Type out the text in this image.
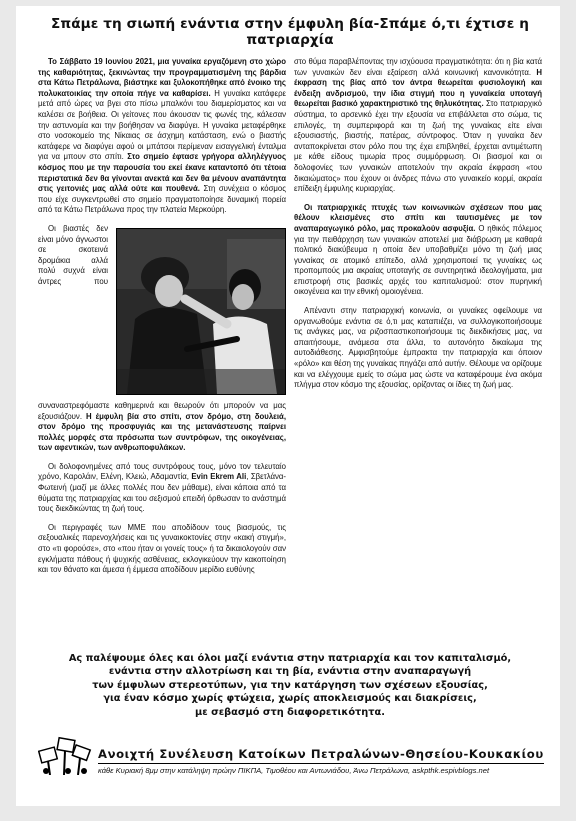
Σπάμε τη σιωπή ενάντια στην έμφυλη βία-Σπάμε ό,τι έχτισε η πατριαρχία

Το Σάββατο 19 Ιουνίου 2021, μια γυναίκα εργαζόμενη στο χώρο της καθαριότητας, ξεκινώντας την προγραμματισμένη της βάρδια στα Κάτω Πετράλωνα, βιάστηκε και ξυλοκοπήθηκε από ένοικο της πολυκατοικίας την οποία πήγε να καθαρίσει. Η γυναίκα κατάφερε μετά από ώρες να βγει στο πίσω μπαλκόνι του διαμερίσματος και να καλέσει σε βοήθεια. Οι γείτονες που άκουσαν τις φωνές της, κάλεσαν την αστυνομία και την βοήθησαν να διαφύγει. Η γυναίκα μεταφέρθηκε στο νοσοκομείο της Νίκαιας σε άσχημη κατάσταση, ενώ ο βιαστής κατάφερε να διαφύγει αφού οι μπάτσοι περίμεναν εισαγγελική ένταλμα για να μπουν στο σπίτι. Στο σημείο έφτασε γρήγορα αλληλέγγυος κόσμος που με την παρουσία του εκεί έκανε καταντοπό ότι τέτοια περιστατικά δεν θα γίνονται ανεκτά και δεν θα μένουν αναπάντητα στις γειτονιές μας αλλά ούτε και πουθενά. Στη συνέχεια ο κόσμος που είχε συγκεντρωθεί στο σημείο πραγματοποίησε δυναμική πορεία από τα Κάτω Πετράλωνα προς την πλατεία Μερκούρη.

Οι βιαστές δεν είναι μόνο άγνωστοι σε σκοτεινά δρομάκια αλλά πολύ συχνά είναι άντρες που συναναστρεφόμαστε καθημερινά και θεωρούν ότι μπορούν να μας εξουσιάζουν. Η έμφυλη βία στο σπίτι, στον δρόμο, στη δουλειά, στον δρόμο της προσφυγιάς και της μετανάστευσης παίρνει πολλές μορφές στα πρόσωπα των συντρόφων, της οικογένειας, των αφεντικών, των ανθρωποφυλάκων.

Οι δολοφονημένες από τους συντρόφους τους, μόνο τον τελευταίο χρόνο, Καρολάιν, Ελένη, Κλειώ, Αδαμαντία, Evin Ekrem Ali, Σβετλάνα-Φωτεινή (μαζί με άλλες πολλές που δεν μάθαμε), είναι κάποια από τα θύματα της πατριαρχίας και του σεξισμού επειδή όρθωσαν το ανάστημά τους διεκδικώντας τη ζωή τους.

Οι περιγραφές των ΜΜΕ που αποδίδουν τους βιασμούς, τις σεξουαλικές παρενοχλήσεις και τις γυναικοκτονίες στην «κακή στιγμή», στο «τι φορούσε», στο «που ήταν οι γονείς τους» ή τα δικαιολογούν σαν εγκλήματα πάθους ή ψυχικής ασθένειας, εκλογικεύουν την κακοποίηση και τον θάνατο και άμεσα ή έμμεσα αποδίδουν μερίδιο ευθύνης

στο θύμα παραβλέποντας την ισχύουσα πραγματικότητα: ότι η βία κατά των γυναικών δεν είναι εξαίρεση αλλά κοινωνική κανονικότητα. Η έκφραση της βίας από τον άντρα θεωρείται φυσιολογική και ένδειξη ανδρισμού, την ίδια στιγμή που η γυναίκεία υποταγή θεωρείται βασικό χαρακτηριστικό της θηλυκότητας. Στο πατριαρχικό σύστημα, το αρσενικό έχει την εξουσία να επιβάλλεται στο σώμα, τις επιλογές, τη συμπεριφορά και τη ζωή της γυναίκας είτε είναι εξουσιαστής, βιαστής, πατέρας, σύντροφος. Όταν η γυναίκα δεν ανταποκρίνεται στον ρόλο που της έχει επιβληθεί, έρχεται αντιμέτωπη με κάθε είδους τιμωρία προς συμμόρφωση. Οι βιασμοί και οι δολοφονίες των γυναικών αποτελούν την ακραία έκφραση «του δικαιώματος» που έχουν οι άνδρες πάνω στο γυναικείο κορμί, ακραία επίδειξη έμφυλης κυριαρχίας.

Οι πατριαρχικές πτυχές των κοινωνικών σχέσεων που μας θέλουν κλεισμένες στο σπίτι και ταυτισμένες με τον αναπαραγωγικό ρόλο, μας προκαλούν ασφυξία. Ο ηθικός πόλεμος για την πειθάρχηση των γυναικών αποτελεί μια διάβρωση με καθαρά πολιτικό διακύβευμα η οποία δεν υποβαθμίζει μόνο τη ζωή μιας γυναίκας σε ατομικό επίπεδο, αλλά χρησιμοποιεί τις γυναίκες ως προπομπούς μια ακραίας υποταγής σε συντηρητικά ιδεολογήματα, μια επιστροφή στις βασικές αρχές του καπιταλισμού: στον πυρηνική οικογένεια και την εθνική ομοιογένεια.

Απέναντι στην πατριαρχική κοινωνία, οι γυναίκες οφείλουμε να οργανωθούμε ενάντια σε ό,τι μας καταπιέζει, να συλλογικοποιήσουμε τις ανάγκες μας, να ριζοσπαστικοποιήσουμε τις διεκδικήσεις μας, να απαιτήσουμε, ανάμεσα στα άλλα, το αυτονόητο δικαίωμα της αυτοδιάθεσης. Αμφισβητούμε έμπρακτα την πατριαρχία και όποιον «ρόλο» και θέση της γυναίκας πηγάζει από αυτήν. Θέλουμε να ορίζουμε και να ελέγχουμε εμείς το σώμα μας ώστε να καταφέρουμε ένα ακόμα πλήγμα στον κόσμο της εξουσίας, ορίζοντας οι ίδιες τη ζωή μας.

Ας παλέψουμε όλες και όλοι μαζί ενάντια στην πατριαρχία και τον καπιταλισμό,
ενάντια στην αλλοτρίωση και τη βία, ενάντια στην αναπαραγωγή
των έμφυλων στερεοτύπων, για την κατάργηση των σχέσεων εξουσίας,
για έναν κόσμο χωρίς φτώχεια, χωρίς αποκλεισμούς και διακρίσεις,
με σεβασμό στη διαφορετικότητα.
Ανοιχτή Συνέλευση Κατοίκων Πετραλώνων-Θησείου-Κουκακίου
κάθε Κυριακή 8μμ στην κατάληψη πρώην ΠΙΚΠΑ, Τιμοθέου και Αντωνιάδου, Άνω Πετράλωνα, askpthk.espivblogs.net
